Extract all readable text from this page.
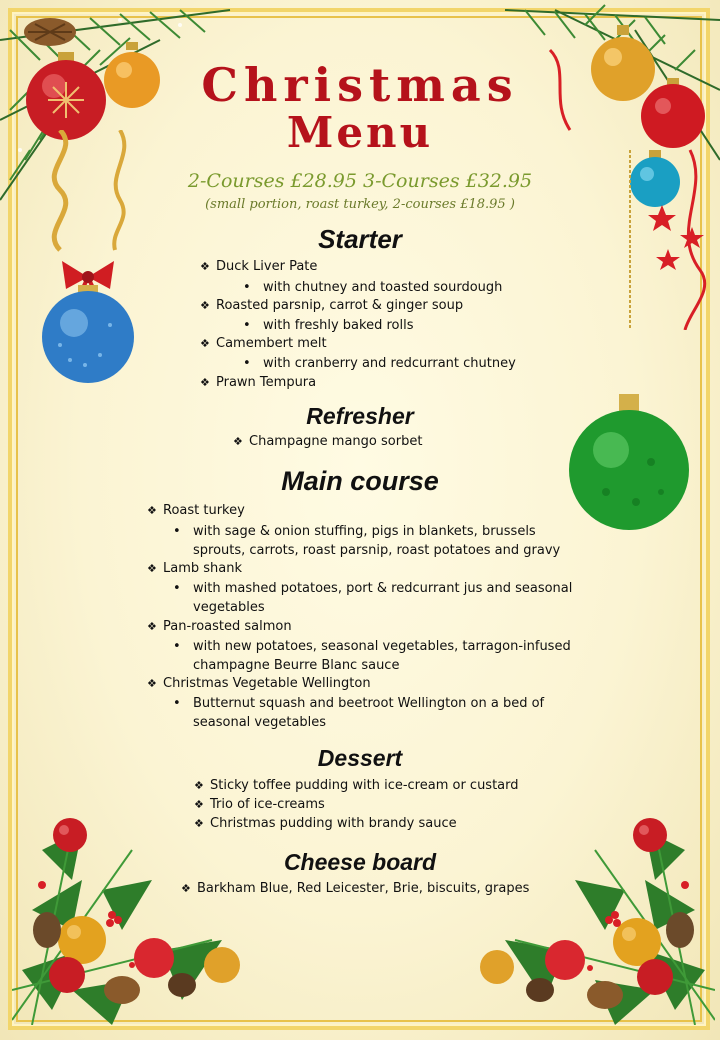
Christmas
Menu
2-Courses £28.95 3-Courses £32.95
(small portion, roast turkey, 2-courses £18.95 )
Starter
❖ Duck Liver Pate
• with chutney and toasted sourdough
❖ Roasted parsnip, carrot & ginger soup
• with freshly baked rolls
❖ Camembert melt
• with cranberry and redcurrant chutney
❖ Prawn Tempura
Refresher
❖ Champagne mango sorbet
Main course
❖ Roast turkey
• with sage & onion stuffing, pigs in blankets, brussels sprouts, carrots, roast parsnip, roast potatoes and gravy
❖ Lamb shank
• with mashed potatoes, port & redcurrant jus and seasonal vegetables
❖ Pan-roasted salmon
• with new potatoes, seasonal vegetables, tarragon-infused champagne Beurre Blanc sauce
❖ Christmas Vegetable Wellington
• Butternut squash and beetroot Wellington on a bed of seasonal vegetables
Dessert
❖ Sticky toffee pudding with ice-cream or custard
❖ Trio of ice-creams
❖ Christmas pudding with brandy sauce
Cheese board
❖ Barkham Blue, Red Leicester, Brie, biscuits, grapes
